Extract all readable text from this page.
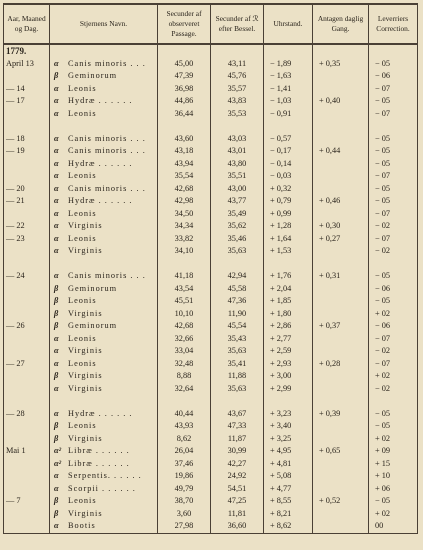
Aar, Maaned og Dag.	Stjernens Navn.	Secunder af observeret Passage.	Secunder af ℛ efter Bessel.	Uhrstand.	Antagen daglig Gang.	Leverriers Correction.
1779.						
April 13	α Canis minoris . . .	45,00	43,11	− 1,89	+ 0,35	− 05
	β Geminorum	47,39	45,76	− 1,63		− 06
— 14	α Leonis	36,98	35,57	− 1,41		− 07
— 17	α Hydræ . . . . . .	44,86	43,83	− 1,03	+ 0,40	− 05
	α Leonis	36,44	35,53	− 0,91		− 07

— 18	α Canis minoris . . .	43,60	43,03	− 0,57		− 05
— 19	α Canis minoris . . .	43,18	43,01	− 0,17	+ 0,44	− 05
	α Hydræ . . . . . .	43,94	43,80	− 0,14		− 05
	α Leonis	35,54	35,51	− 0,03		− 07
— 20	α Canis minoris . . .	42,68	43,00	+ 0,32		− 05
— 21	α Hydræ . . . . . .	42,98	43,77	+ 0,79	+ 0,46	− 05
	α Leonis	34,50	35,49	+ 0,99		− 07
— 22	α Virginis	34,34	35,62	+ 1,28	+ 0,30	− 02
— 23	α Leonis	33,82	35,46	+ 1,64	+ 0,27	− 07
	α Virginis	34,10	35,63	+ 1,53		− 02

— 24	α Canis minoris . . .	41,18	42,94	+ 1,76	+ 0,31	− 05
	β Geminorum	43,54	45,58	+ 2,04		− 06
	β Leonis	45,51	47,36	+ 1,85		− 05
	β Virginis	10,10	11,90	+ 1,80		+ 02
— 26	β Geminorum	42,68	45,54	+ 2,86	+ 0,37	− 06
	α Leonis	32,66	35,43	+ 2,77		− 07
	α Virginis	33,04	35,63	+ 2,59		− 02
— 27	α Leonis	32,48	35,41	+ 2,93	+ 0,28	− 07
	β Virginis	8,88	11,88	+ 3,00		+ 02
	α Virginis	32,64	35,63	+ 2,99		− 02

— 28	α Hydræ . . . . . .	40,44	43,67	+ 3,23	+ 0,39	− 05
	β Leonis	43,93	47,33	+ 3,40		− 05
	β Virginis	8,62	11,87	+ 3,25		+ 02
Mai 1	α² Libræ . . . . . .	26,04	30,99	+ 4,95	+ 0,65	+ 09
	α² Libræ . . . . . .	37,46	42,27	+ 4,81		+ 15
	α Serpentis. . . . . .	19,86	24,92	+ 5,08		+ 10
	α Scorpii . . . . . .	49,79	54,51	+ 4,77		+ 06
— 7	β Leonis	38,70	47,25	+ 8,55	+ 0,52	− 05
	β Virginis	3,60	11,81	+ 8,21		+ 02
	α Bootis	27,98	36,60	+ 8,62		00
